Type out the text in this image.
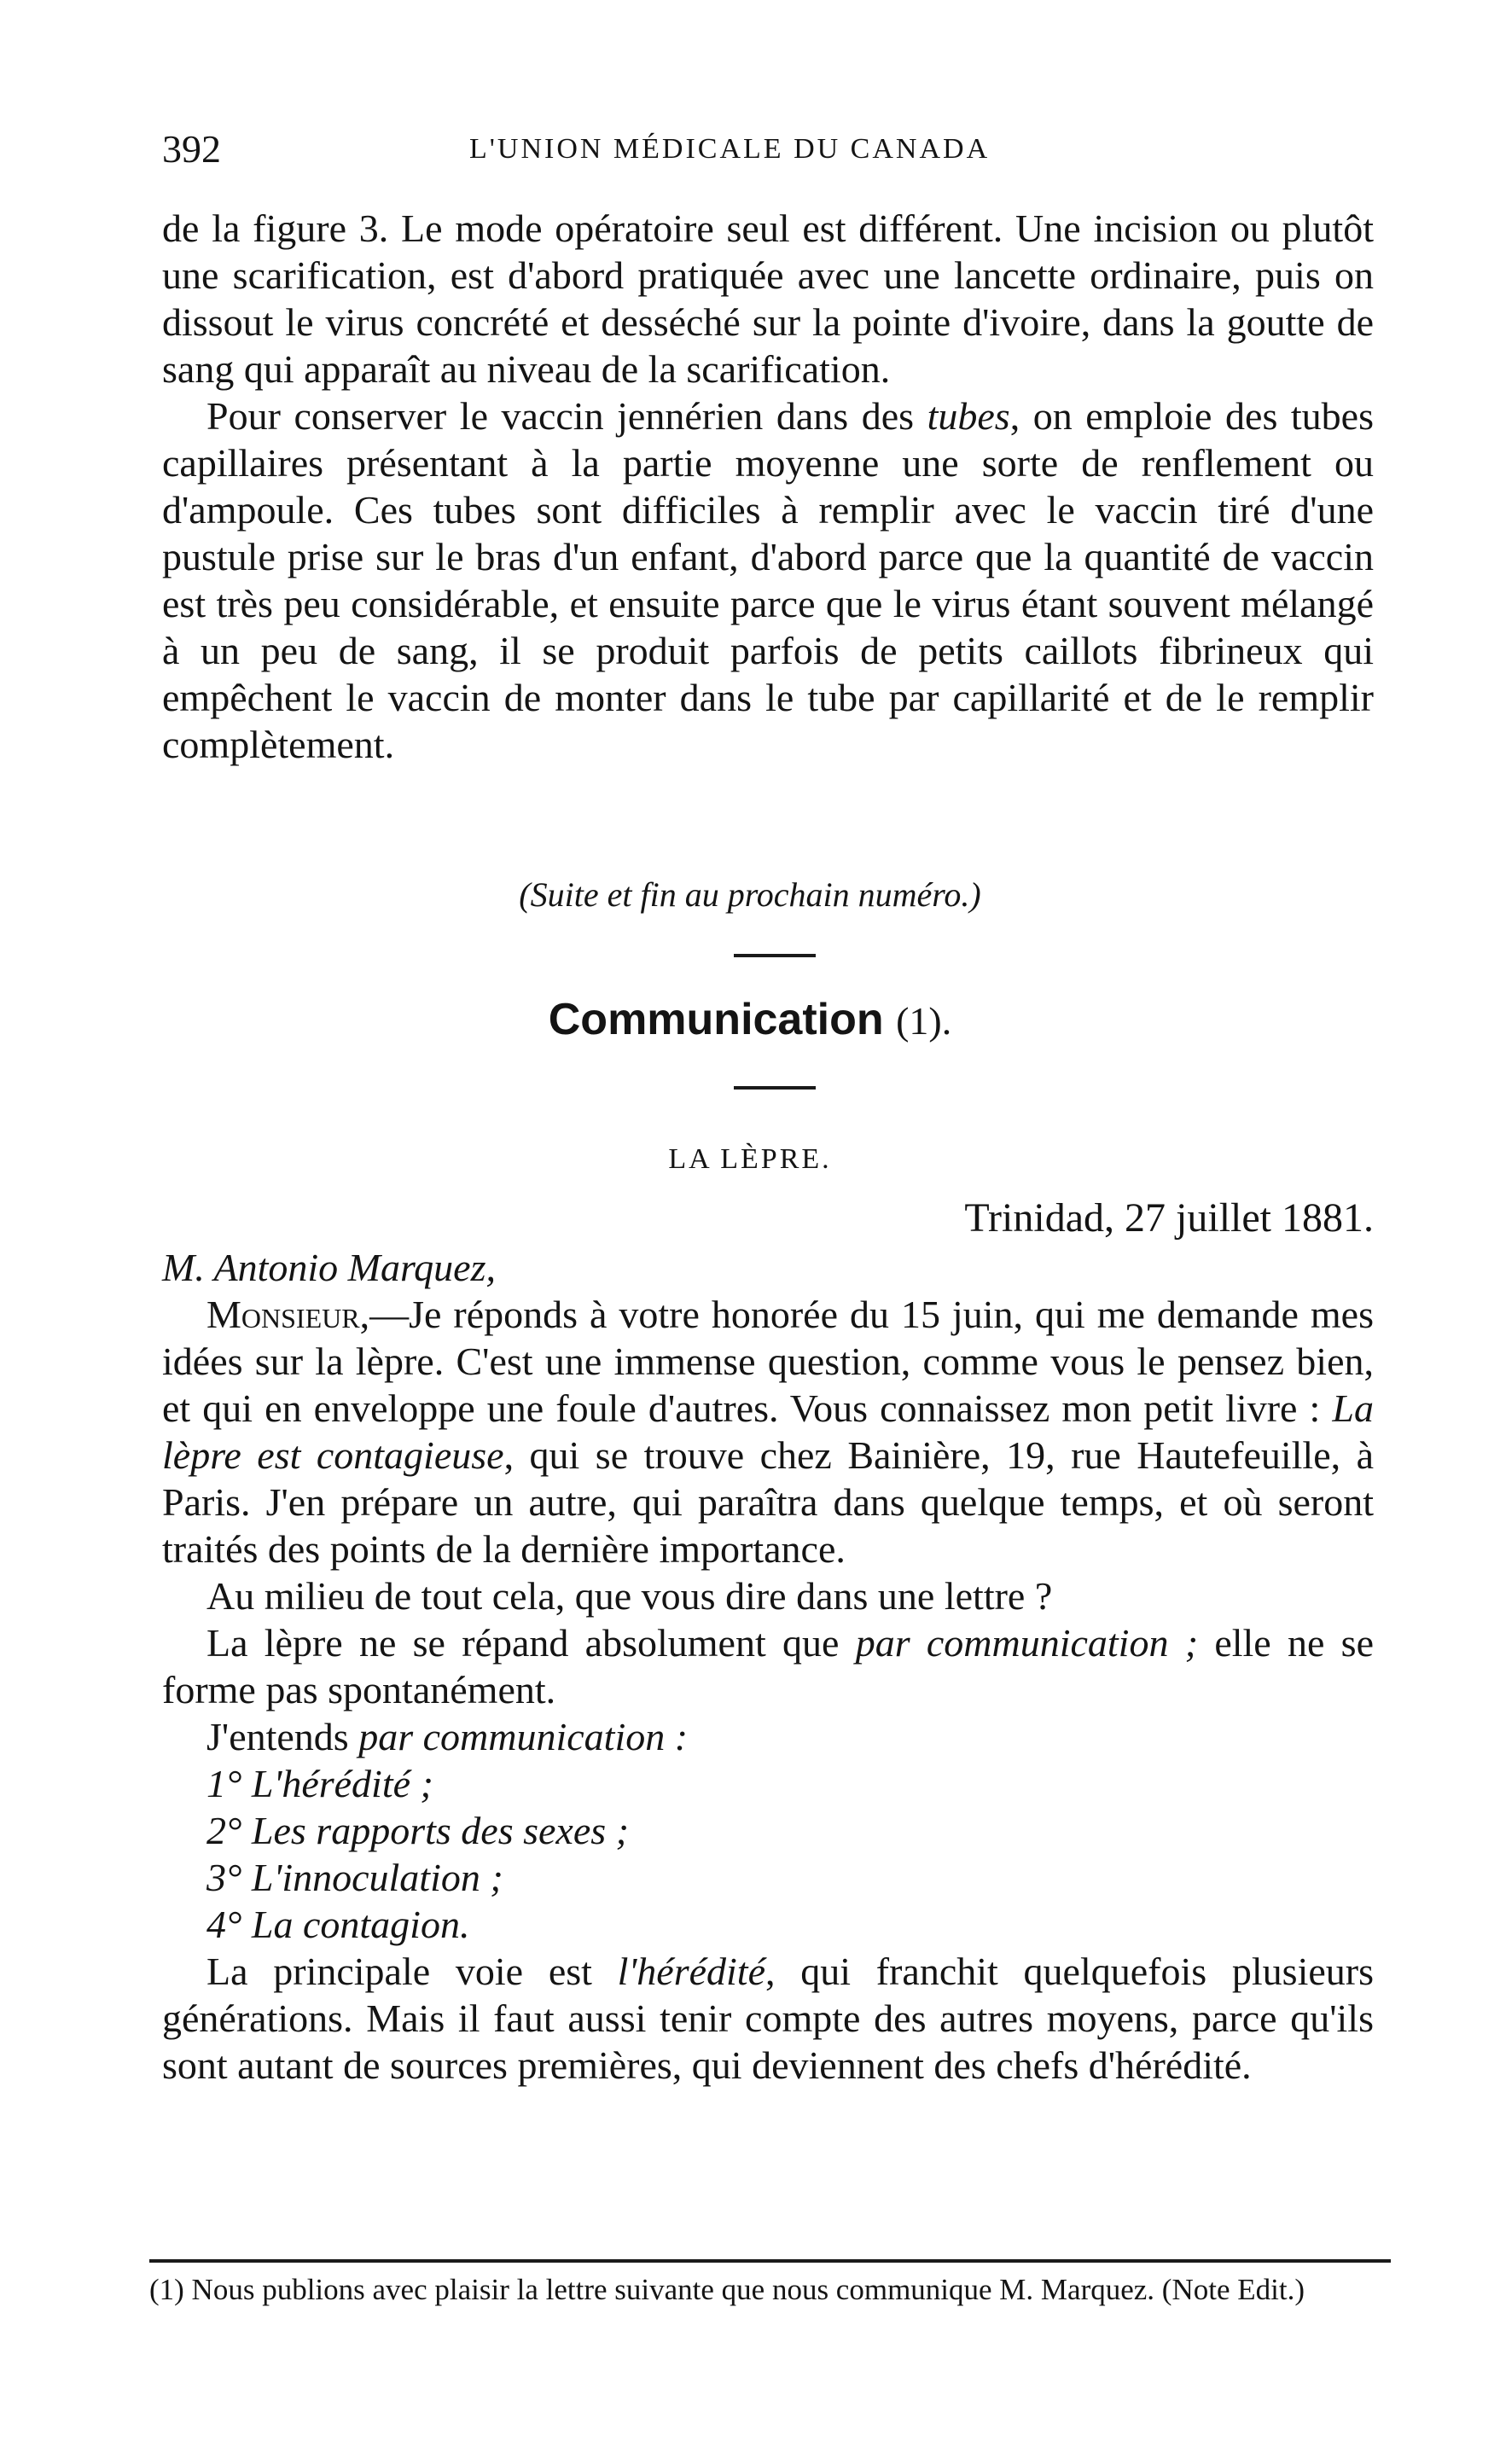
392	L'UNION MÉDICALE DU CANADA

de la figure 3. Le mode opératoire seul est différent. Une incision ou plutôt une scarification, est d'abord pratiquée avec une lancette ordinaire, puis on dissout le virus concrété et desséché sur la pointe d'ivoire, dans la goutte de sang qui apparaît au niveau de la scarification.

Pour conserver le vaccin jennérien dans des tubes, on emploie des tubes capillaires présentant à la partie moyenne une sorte de renflement ou d'ampoule. Ces tubes sont difficiles à remplir avec le vaccin tiré d'une pustule prise sur le bras d'un enfant, d'abord parce que la quantité de vaccin est très peu considérable, et ensuite parce que le virus étant souvent mélangé à un peu de sang, il se produit parfois de petits caillots fibrineux qui empêchent le vaccin de monter dans le tube par capillarité et de le remplir complètement.

(Suite et fin au prochain numéro.)
Communication (1).
LA LÈPRE.
Trinidad, 27 juillet 1881.

M. Antonio Marquez,

Monsieur,—Je réponds à votre honorée du 15 juin, qui me demande mes idées sur la lèpre. C'est une immense question, comme vous le pensez bien, et qui en enveloppe une foule d'autres. Vous connaissez mon petit livre : La lèpre est contagieuse, qui se trouve chez Bainière, 19, rue Hautefeuille, à Paris. J'en prépare un autre, qui paraîtra dans quelque temps, et où seront traités des points de la dernière importance.

Au milieu de tout cela, que vous dire dans une lettre ?

La lèpre ne se répand absolument que par communication ; elle ne se forme pas spontanément.

J'entends par communication :

1° L'hérédité ;

2° Les rapports des sexes ;

3° L'innoculation ;

4° La contagion.

La principale voie est l'hérédité, qui franchit quelquefois plusieurs générations. Mais il faut aussi tenir compte des autres moyens, parce qu'ils sont autant de sources premières, qui deviennent des chefs d'hérédité.

(1) Nous publions avec plaisir la lettre suivante que nous communique M. Marquez. (Note Edit.)
